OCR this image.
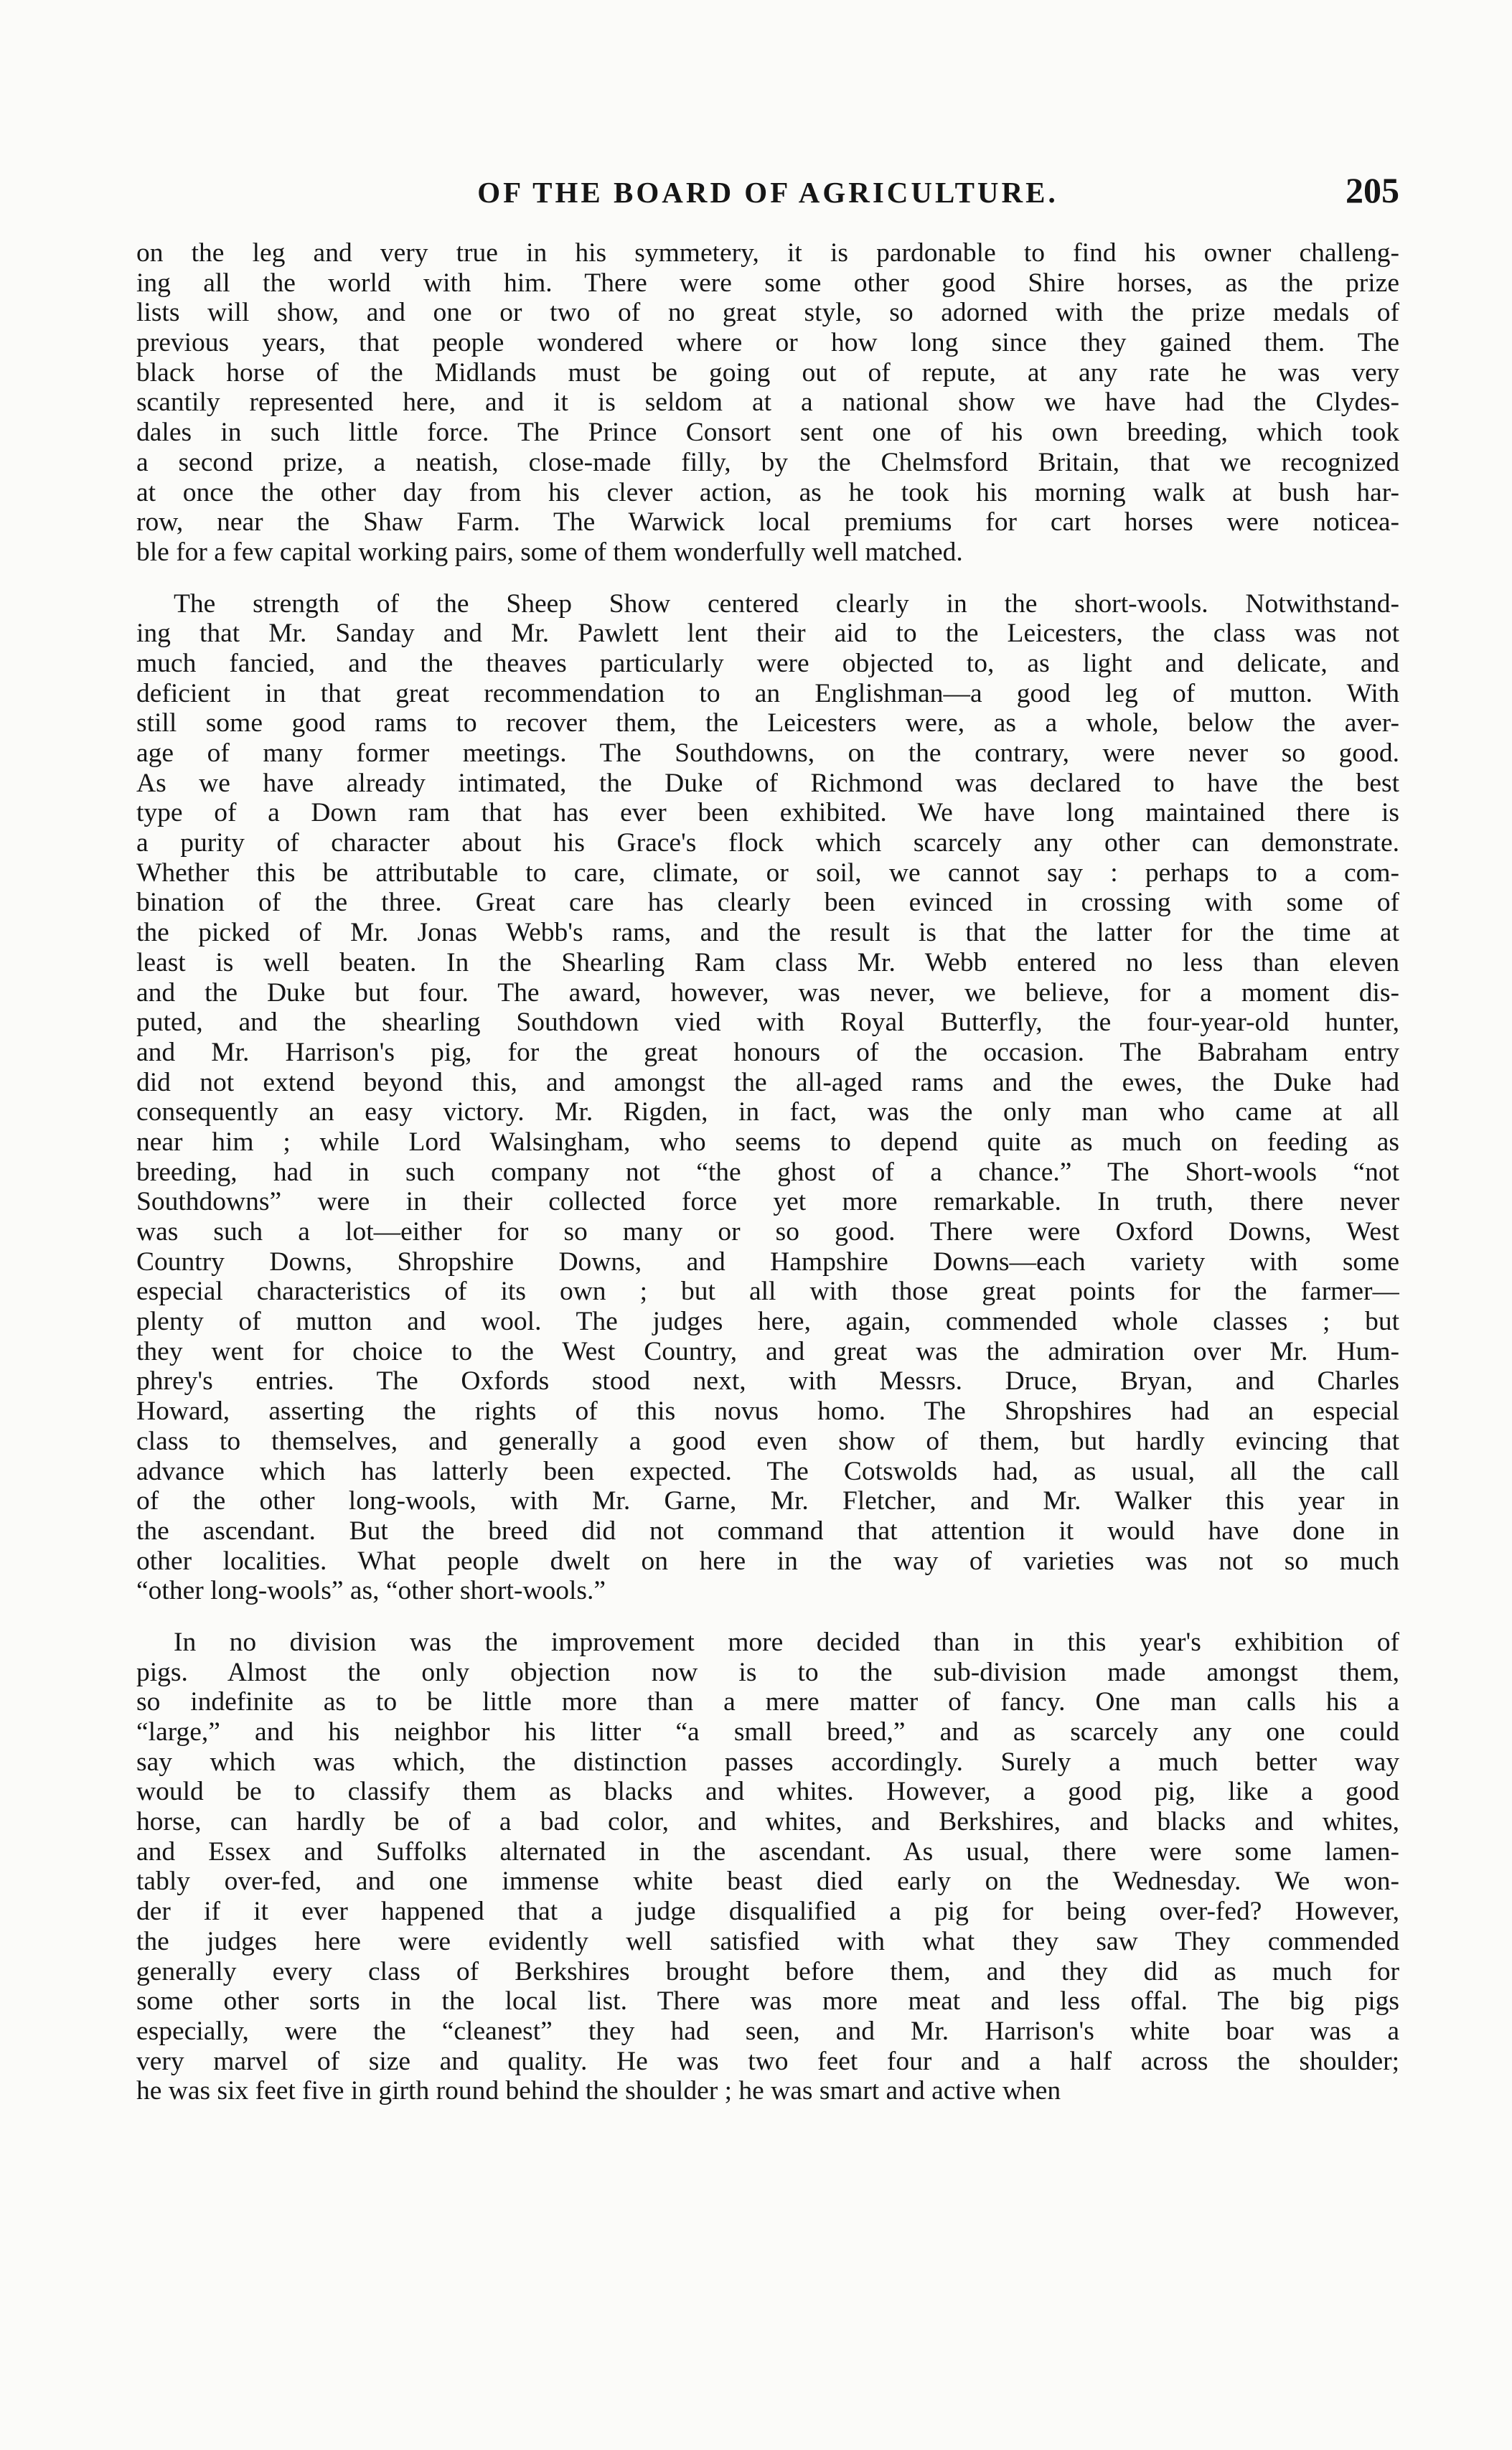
OF THE BOARD OF AGRICULTURE.	205
on the leg and very true in his symmetery, it is pardonable to find his owner challeng-
ing all the world with him. There were some other good Shire horses, as the prize
lists will show, and one or two of no great style, so adorned with the prize medals of
previous years, that people wondered where or how long since they gained them. The
black horse of the Midlands must be going out of repute, at any rate he was very
scantily represented here, and it is seldom at a national show we have had the Clydes-
dales in such little force. The Prince Consort sent one of his own breeding, which took
a second prize, a neatish, close-made filly, by the Chelmsford Britain, that we recognized
at once the other day from his clever action, as he took his morning walk at bush har-
row, near the Shaw Farm. The Warwick local premiums for cart horses were noticea-
ble for a few capital working pairs, some of them wonderfully well matched.
The strength of the Sheep Show centered clearly in the short-wools. Notwithstand-
ing that Mr. Sanday and Mr. Pawlett lent their aid to the Leicesters, the class was not
much fancied, and the theaves particularly were objected to, as light and delicate, and
deficient in that great recommendation to an Englishman—a good leg of mutton. With
still some good rams to recover them, the Leicesters were, as a whole, below the aver-
age of many former meetings. The Southdowns, on the contrary, were never so good.
As we have already intimated, the Duke of Richmond was declared to have the best
type of a Down ram that has ever been exhibited. We have long maintained there is
a purity of character about his Grace's flock which scarcely any other can demonstrate.
Whether this be attributable to care, climate, or soil, we cannot say : perhaps to a com-
bination of the three. Great care has clearly been evinced in crossing with some of
the picked of Mr. Jonas Webb's rams, and the result is that the latter for the time at
least is well beaten. In the Shearling Ram class Mr. Webb entered no less than eleven
and the Duke but four. The award, however, was never, we believe, for a moment dis-
puted, and the shearling Southdown vied with Royal Butterfly, the four-year-old hunter,
and Mr. Harrison's pig, for the great honours of the occasion. The Babraham entry
did not extend beyond this, and amongst the all-aged rams and the ewes, the Duke had
consequently an easy victory. Mr. Rigden, in fact, was the only man who came at all
near him ; while Lord Walsingham, who seems to depend quite as much on feeding as
breeding, had in such company not “the ghost of a chance.” The Short-wools “not
Southdowns” were in their collected force yet more remarkable. In truth, there never
was such a lot—either for so many or so good. There were Oxford Downs, West
Country Downs, Shropshire Downs, and Hampshire Downs—each variety with some
especial characteristics of its own ; but all with those great points for the farmer—
plenty of mutton and wool. The judges here, again, commended whole classes ; but
they went for choice to the West Country, and great was the admiration over Mr. Hum-
phrey's entries. The Oxfords stood next, with Messrs. Druce, Bryan, and Charles
Howard, asserting the rights of this novus homo. The Shropshires had an especial
class to themselves, and generally a good even show of them, but hardly evincing that
advance which has latterly been expected. The Cotswolds had, as usual, all the call
of the other long-wools, with Mr. Garne, Mr. Fletcher, and Mr. Walker this year in
the ascendant. But the breed did not command that attention it would have done in
other localities. What people dwelt on here in the way of varieties was not so much
“other long-wools” as, “other short-wools.”
In no division was the improvement more decided than in this year's exhibition of
pigs. Almost the only objection now is to the sub-division made amongst them,
so indefinite as to be little more than a mere matter of fancy. One man calls his a
“large,” and his neighbor his litter “a small breed,” and as scarcely any one could
say which was which, the distinction passes accordingly. Surely a much better way
would be to classify them as blacks and whites. However, a good pig, like a good
horse, can hardly be of a bad color, and whites, and Berkshires, and blacks and whites,
and Essex and Suffolks alternated in the ascendant. As usual, there were some lamen-
tably over-fed, and one immense white beast died early on the Wednesday. We won-
der if it ever happened that a judge disqualified a pig for being over-fed? However,
the judges here were evidently well satisfied with what they saw They commended
generally every class of Berkshires brought before them, and they did as much for
some other sorts in the local list. There was more meat and less offal. The big pigs
especially, were the “cleanest” they had seen, and Mr. Harrison's white boar was a
very marvel of size and quality. He was two feet four and a half across the shoulder;
he was six feet five in girth round behind the shoulder ; he was smart and active when
